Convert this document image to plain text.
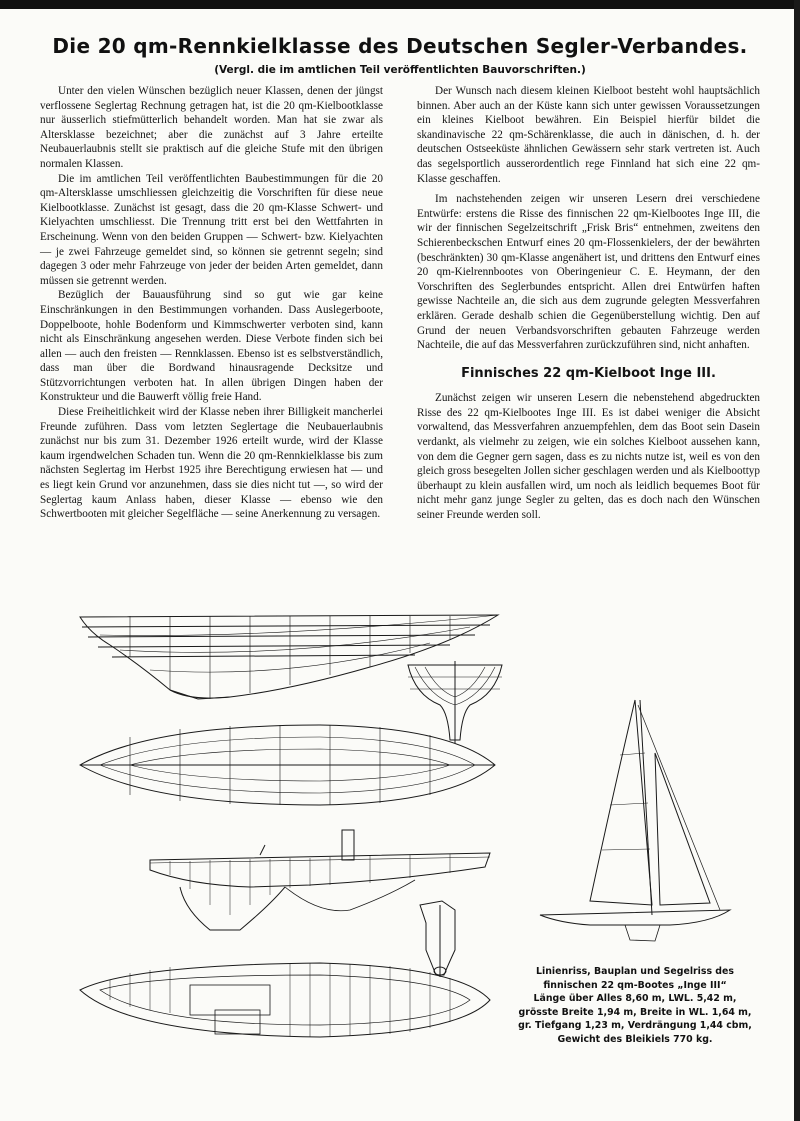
Die 20 qm-Rennkielklasse des Deutschen Segler-Verbandes.
(Vergl. die im amtlichen Teil veröffentlichten Bauvorschriften.)

Unter den vielen Wünschen bezüglich neuer Klassen, denen der jüngst verflossene Seglertag Rechnung getragen hat, ist die 20 qm-Kielbootklasse nur äusserlich stiefmütterlich behandelt worden. Man hat sie zwar als Altersklasse bezeichnet; aber die zunächst auf 3 Jahre erteilte Neubauerlaubnis stellt sie praktisch auf die gleiche Stufe mit den übrigen normalen Klassen.

Die im amtlichen Teil veröffentlichten Baubestimmungen für die 20 qm-Altersklasse umschliessen gleichzeitig die Vorschriften für diese neue Kielbootklasse. Zunächst ist gesagt, dass die 20 qm-Klasse Schwert- und Kielyachten umschliesst. Die Trennung tritt erst bei den Wettfahrten in Erscheinung. Wenn von den beiden Gruppen — Schwert- bzw. Kielyachten — je zwei Fahrzeuge gemeldet sind, so können sie getrennt segeln; sind dagegen 3 oder mehr Fahrzeuge von jeder der beiden Arten gemeldet, dann müssen sie getrennt werden.

Bezüglich der Bauausführung sind so gut wie gar keine Einschränkungen in den Bestimmungen vorhanden. Dass Auslegerboote, Doppelboote, hohle Bodenform und Kimmschwerter verboten sind, kann nicht als Einschränkung angesehen werden. Diese Verbote finden sich bei allen — auch den freisten — Rennklassen. Ebenso ist es selbstverständlich, dass man über die Bordwand hinausragende Decksitze und Stützvorrichtungen verboten hat. In allen übrigen Dingen haben der Konstrukteur und die Bauwerft völlig freie Hand.

Diese Freiheitlichkeit wird der Klasse neben ihrer Billigkeit mancherlei Freunde zuführen. Dass vom letzten Seglertage die Neubauerlaubnis zunächst nur bis zum 31. Dezember 1926 erteilt wurde, wird der Klasse kaum irgendwelchen Schaden tun. Wenn die 20 qm-Rennkielklasse bis zum nächsten Seglertag im Herbst 1925 ihre Berechtigung erwiesen hat — und es liegt kein Grund vor anzunehmen, dass sie dies nicht tut —, so wird der Seglertag kaum Anlass haben, dieser Klasse — ebenso wie den Schwertbooten mit gleicher Segelfläche — seine Anerkennung zu versagen.

Der Wunsch nach diesem kleinen Kielboot besteht wohl hauptsächlich binnen. Aber auch an der Küste kann sich unter gewissen Voraussetzungen ein kleines Kielboot bewähren. Ein Beispiel hierfür bildet die skandinavische 22 qm-Schärenklasse, die auch in dänischen, d. h. der deutschen Ostseeküste ähnlichen Gewässern sehr stark vertreten ist. Auch das segelsportlich ausserordentlich rege Finnland hat sich eine 22 qm-Klasse geschaffen.

Im nachstehenden zeigen wir unseren Lesern drei verschiedene Entwürfe: erstens die Risse des finnischen 22 qm-Kielbootes Inge III, die wir der finnischen Segelzeitschrift „Frisk Bris“ entnehmen, zweitens den Schierenbeckschen Entwurf eines 20 qm-Flossenkielers, der der bewährten (beschränkten) 30 qm-Klasse angenähert ist, und drittens den Entwurf eines 20 qm-Kielrennbootes von Oberingenieur C. E. Heymann, der den Vorschriften des Seglerbundes entspricht. Allen drei Entwürfen haften gewisse Nachteile an, die sich aus dem zugrunde gelegten Messverfahren erklären. Gerade deshalb schien die Gegenüberstellung wichtig. Den auf Grund der neuen Verbandsvorschriften gebauten Fahrzeuge werden Nachteile, die auf das Messverfahren zurückzuführen sind, nicht anhaften.

Finnisches 22 qm-Kielboot Inge III.

Zunächst zeigen wir unseren Lesern die nebenstehend abgedruckten Risse des 22 qm-Kielbootes Inge III. Es ist dabei weniger die Absicht vorwaltend, das Messverfahren anzuempfehlen, dem das Boot sein Dasein verdankt, als vielmehr zu zeigen, wie ein solches Kielboot aussehen kann, von dem die Gegner gern sagen, dass es zu nichts nutze ist, weil es von den gleich gross besegelten Jollen sicher geschlagen werden und als Kielboottyp überhaupt zu klein ausfallen wird, um noch als leidlich bequemes Boot für nicht mehr ganz junge Segler zu gelten, das es doch nach den Wünschen seiner Freunde werden soll.

Linienriss, Bauplan und Segelriss des
finnischen 22 qm-Bootes „Inge III“
Länge über Alles 8,60 m, LWL. 5,42 m,
grösste Breite 1,94 m, Breite in WL. 1,64 m,
gr. Tiefgang 1,23 m, Verdrängung 1,44 cbm,
Gewicht des Bleikiels 770 kg.
